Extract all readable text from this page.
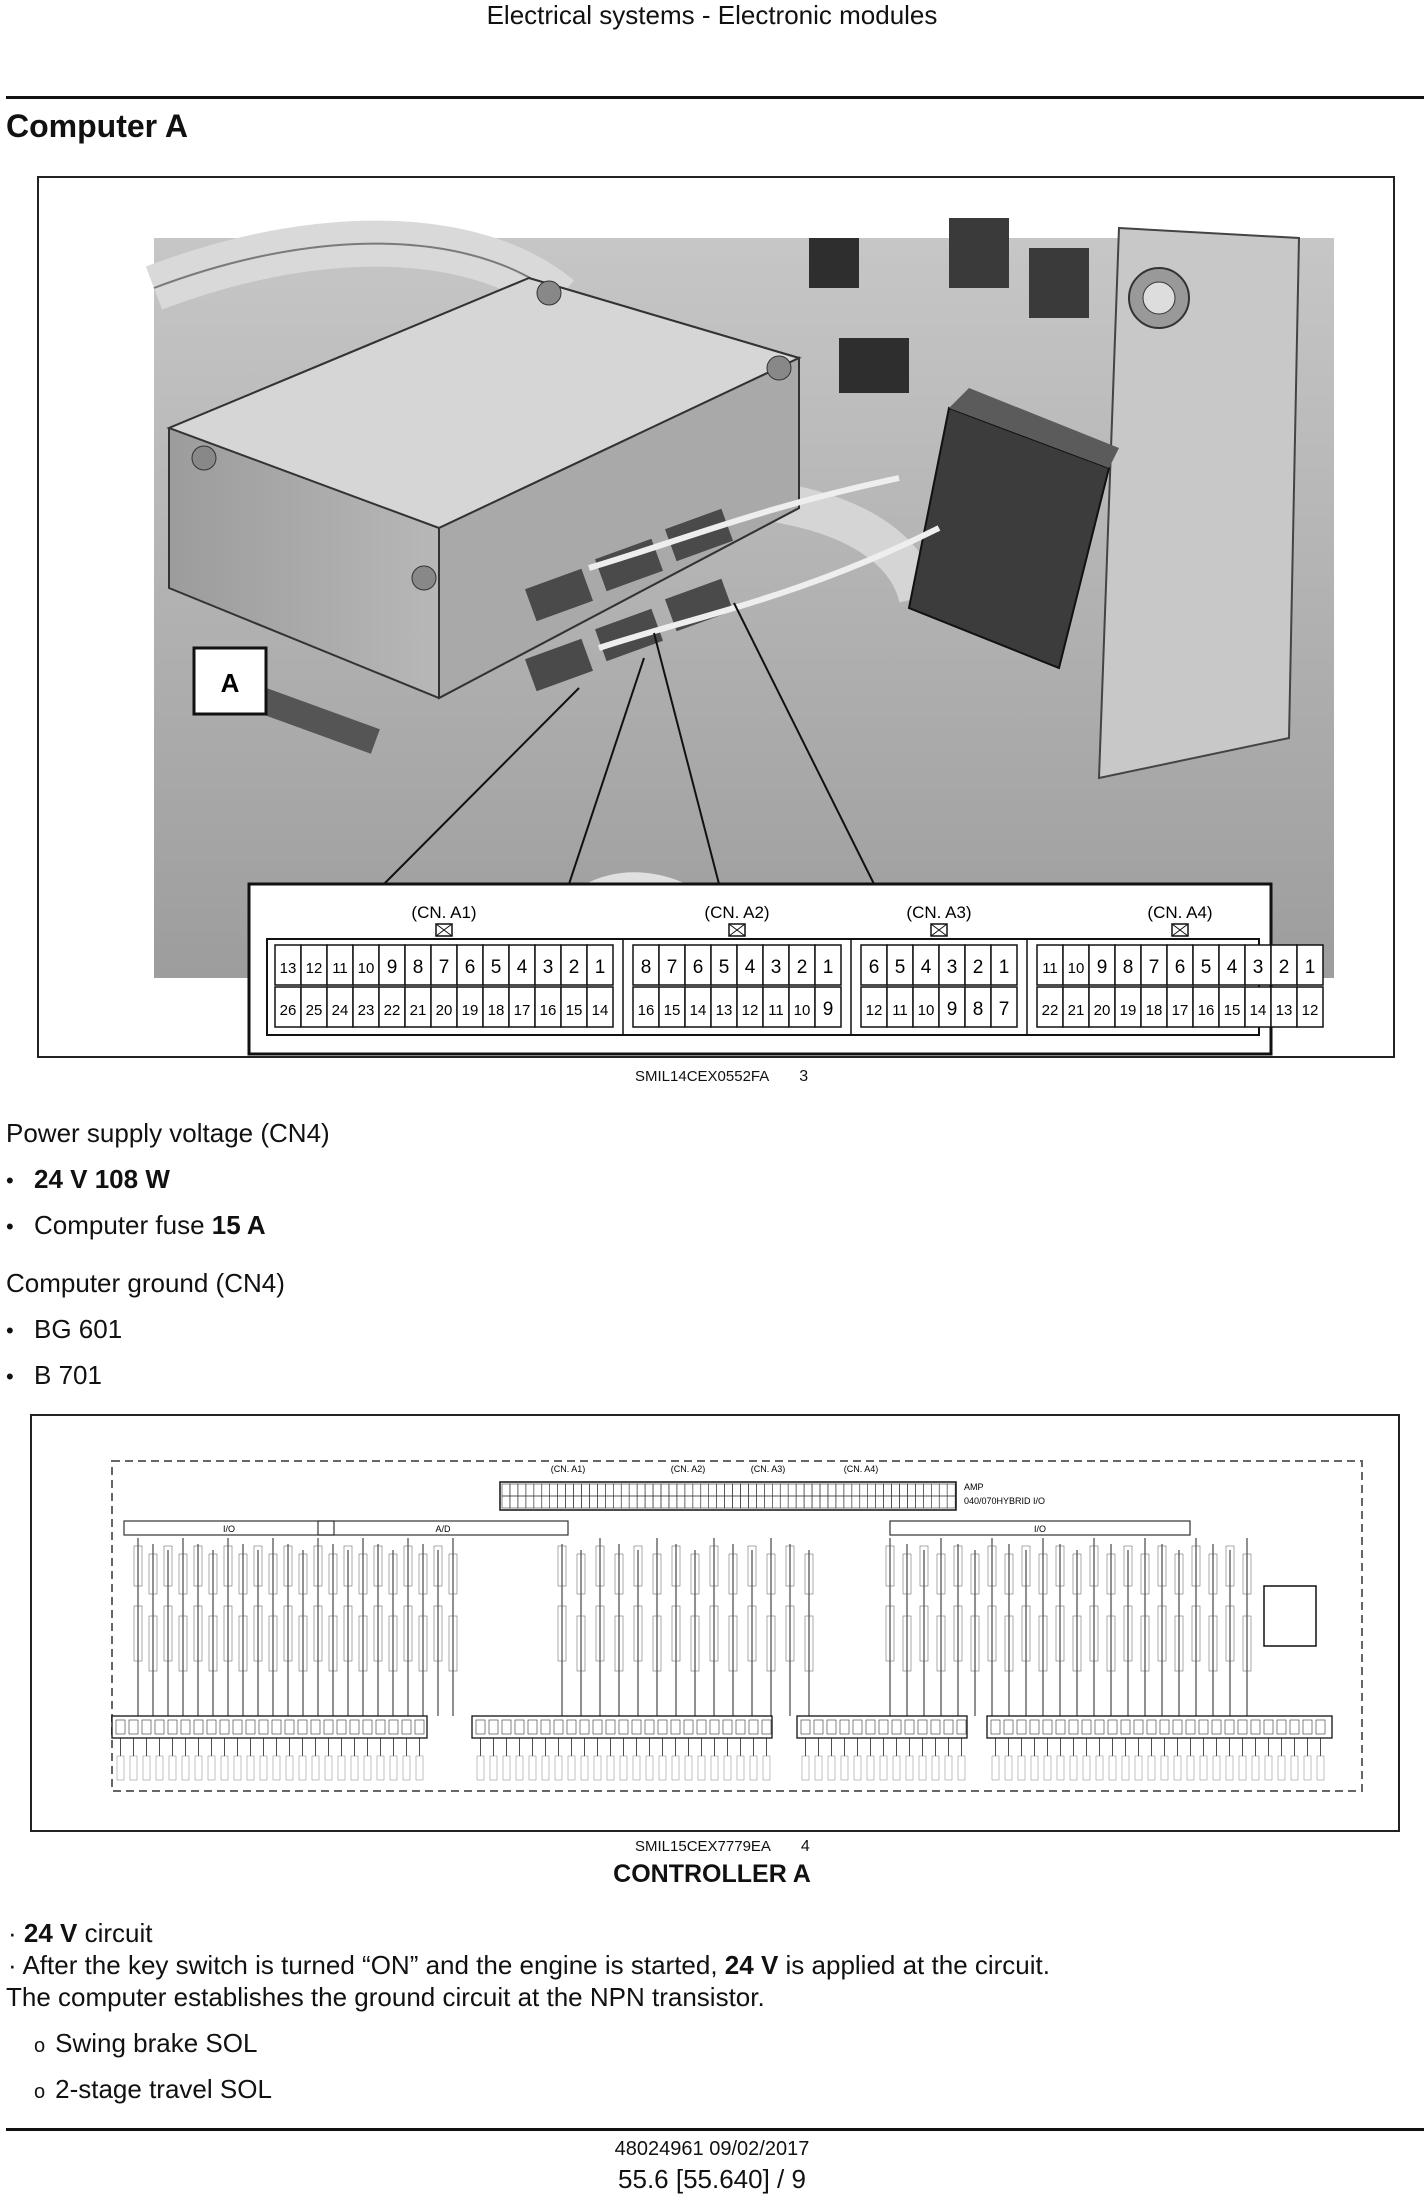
Electrical systems - Electronic modules
Computer A
A
(CN. A1)
13 12 11 10 9 8 7 6 5 4 3 2 1
26 25 24 23 22 21 20 19 18 17 16 15 14
(CN. A2)
8 7 6 5 4 3 2 1
16 15 14 13 12 11 10 9
(CN. A3)
6 5 4 3 2 1
12 11 10 9 8 7
(CN. A4)
11 10 9 8 7 6 5 4 3 2 1
22 21 20 19 18 17 16 15 14 13 12
SMIL14CEX0552FA 3
Power supply voltage (CN4)
• 24 V 108 W
• Computer fuse 15 A
Computer ground (CN4)
• BG 601
• B 701
(CN. A1)	(CN. A2)	(CN. A3)	(CN. A4)
AMP
040/070HYBRID I/O
I/O	A/D	I/O
SMIL15CEX7779EA 4
CONTROLLER A
· 24 V circuit
· After the key switch is turned “ON” and the engine is started, 24 V is applied at the circuit.
The computer establishes the ground circuit at the NPN transistor.
o Swing brake SOL
o 2-stage travel SOL
48024961 09/02/2017
55.6 [55.640] / 9
